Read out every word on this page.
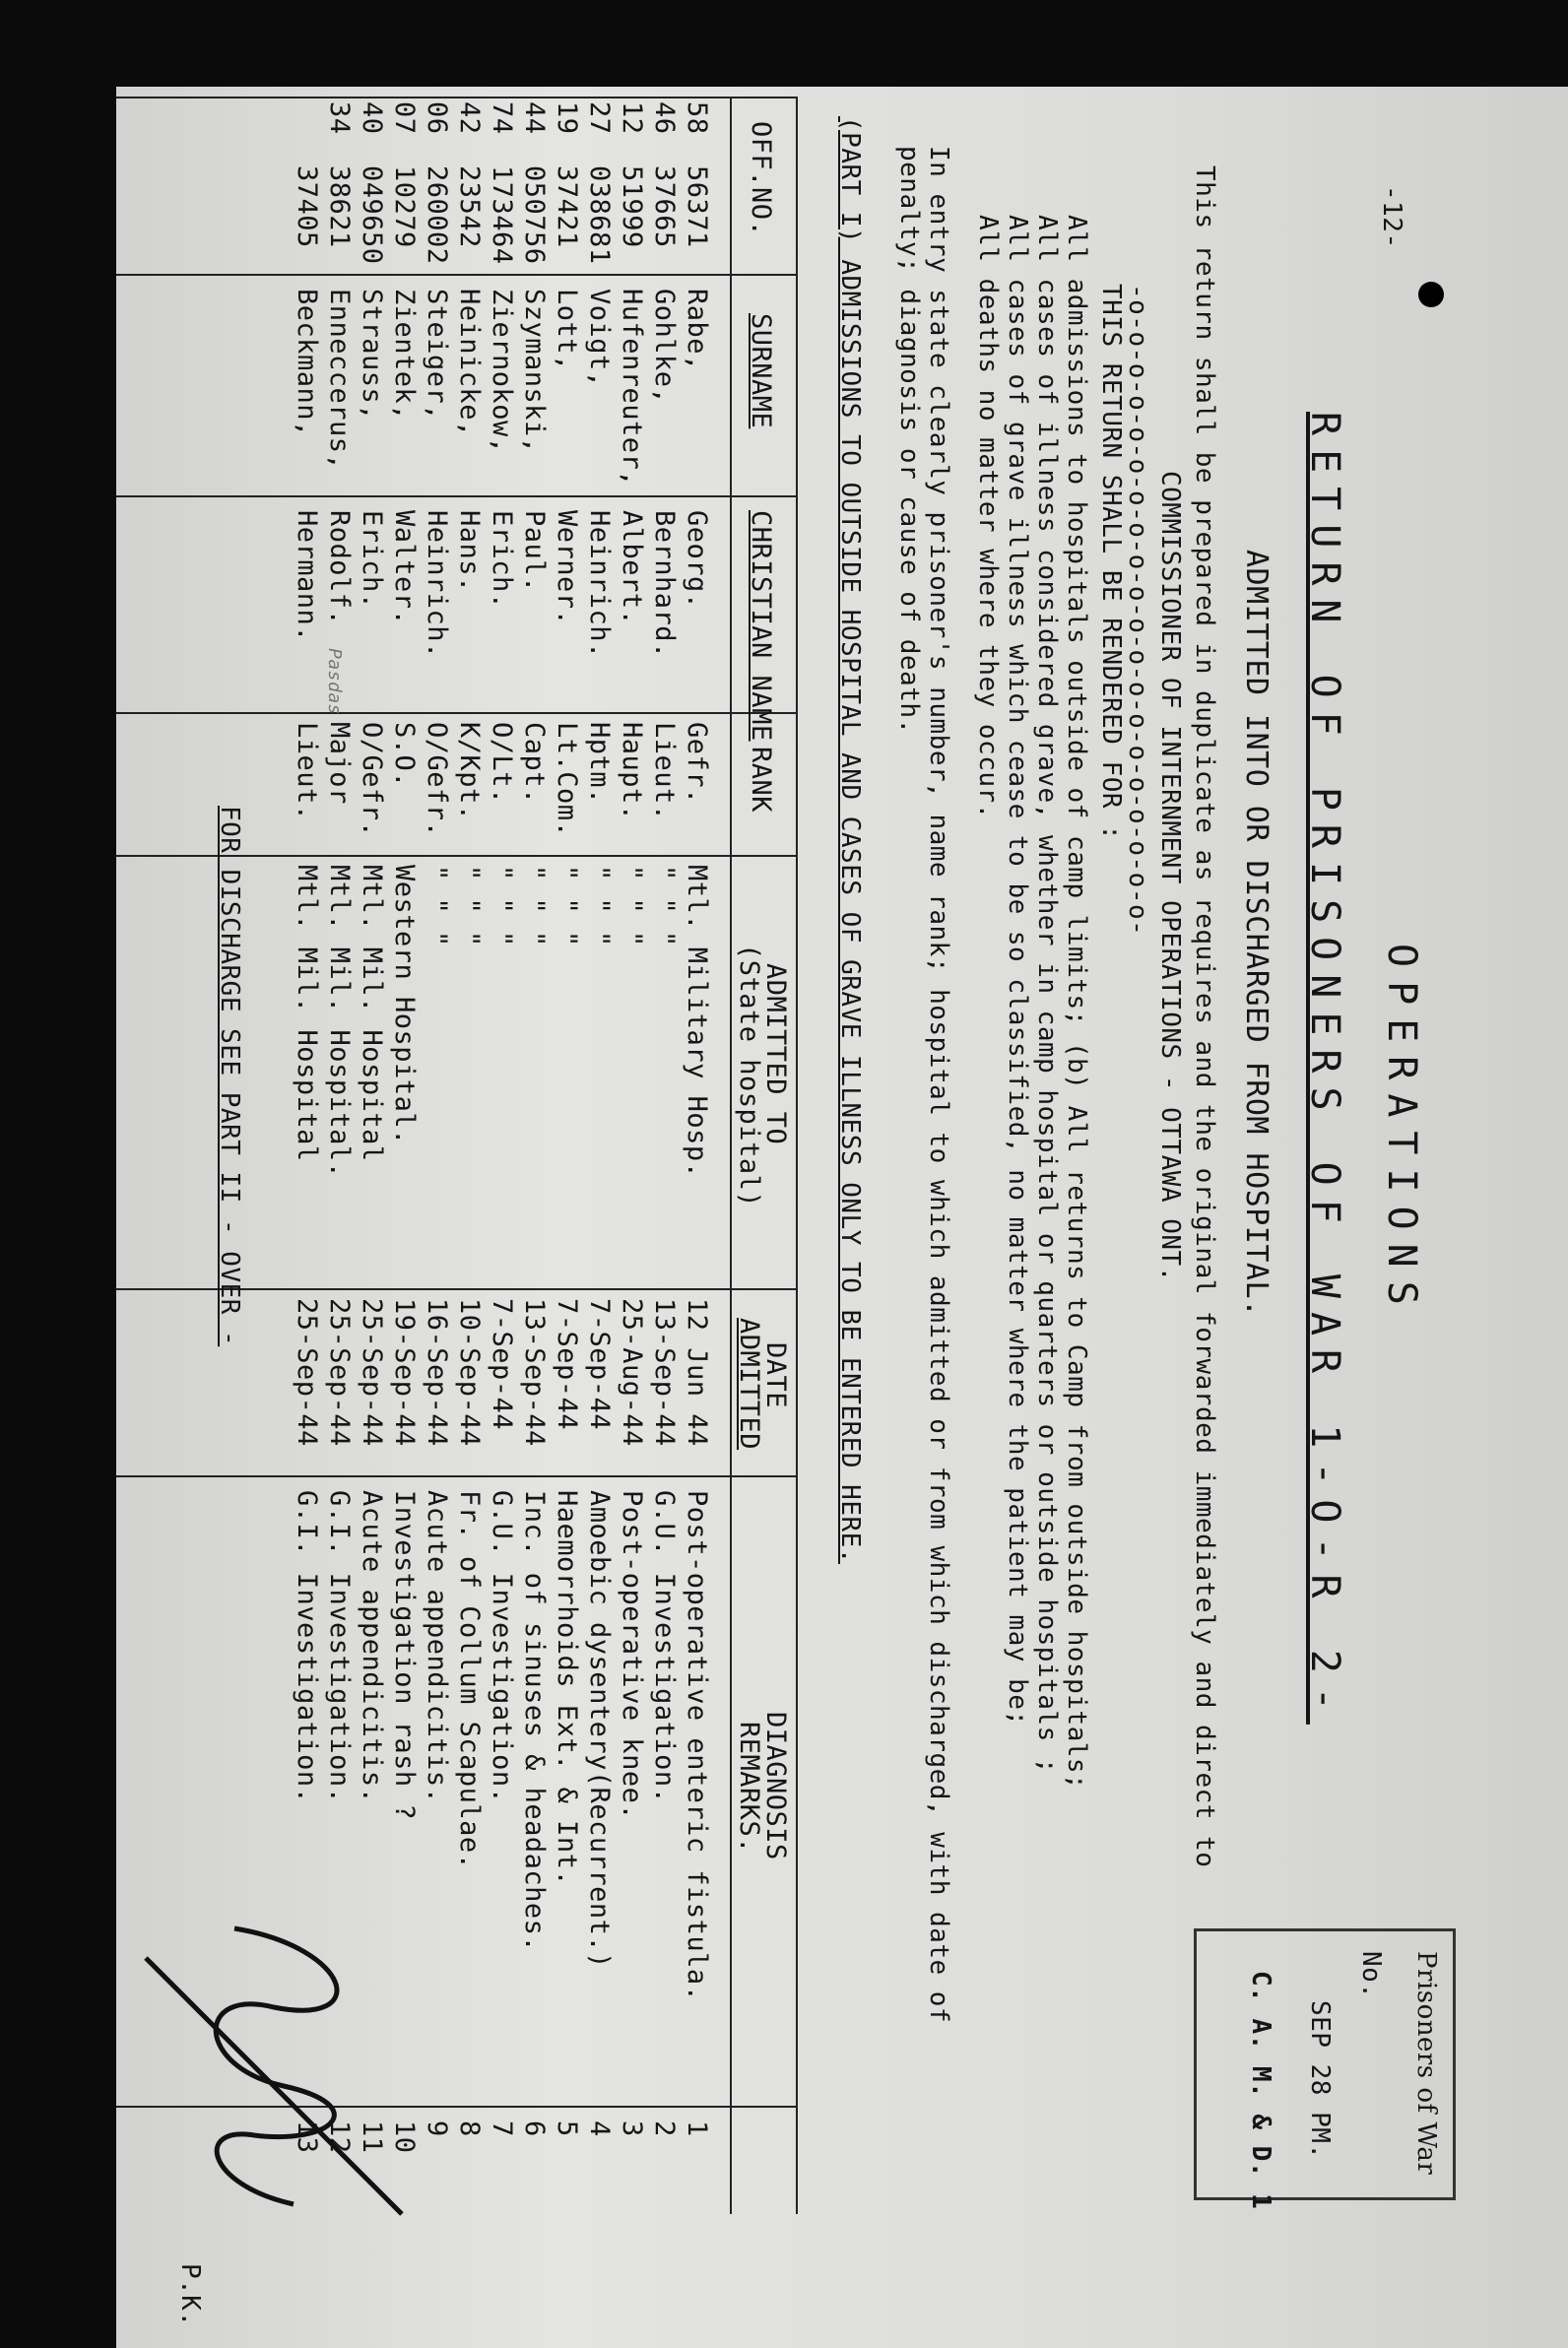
-12-
OPERATIONS
RETURN OF PRISONERS OF WAR 1-O-R 2-
ADMITTED INTO OR DISCHARGED FROM HOSPITAL.
This return shall be prepared in duplicate as requires and the original forwarded immediately and direct to
COMMISSIONER OF INTERNMENT OPERATIONS - OTTAWA ONT.
-o-o-o-o-o-o-o-o-o-o-o-o-o-o-o-o-o-o-o-o-
THIS RETURN SHALL BE RENDERED FOR :
All admissions to hospitals outside of camp limits; (b) All returns to Camp from outside hospitals;
All cases of illness considered grave, whether in camp hospital or quarters or outside hospitals ;
All cases of grave illness which cease to be so classified, no matter where the patient may be;
All deaths no matter where they occur.
In entry state clearly prisoner's number, name rank; hospital to which admitted or from which discharged, with date of
penalty; diagnosis or cause of death.
(PART I) ADMISSIONS TO OUTSIDE HOSPITAL AND CASES OF GRAVE ILLNESS ONLY TO BE ENTERED HERE.
Prisoners of War
No.
SEP 28 PM.
C. A. M. & D. 1
OFF.NO.
SURNAME
CHRISTIAN NAME
RANK
ADMITTED TO
(State hospital)
DATE
ADMITTED
DIAGNOSIS
REMARKS.
58
56371
Rabe,
Georg.
Gefr.
Mtl. Military Hosp.
12 Jun 44
Post-operative enteric fistula.
1
46
37665
Gohlke,
Bernhard.
Lieut.
" " "
13-Sep-44
G.U. Investigation.
2
12
51999
Hufenreuter,
Albert.
Haupt.
" " "
25-Aug-44
Post-operative knee.
3
27
038681
Voigt,
Heinrich.
Hptm.
" " "
7-Sep-44
Amoebic dysentery(Recurrent.)
4
19
37421
Lott,
Werner.
Lt.Com.
" " "
7-Sep-44
Haemorrhoids Ext. & Int.
5
44
050756
Szymanski,
Paul.
Capt.
" " "
13-Sep-44
Inc. of sinuses & headaches.
6
74
173464
Ziernokow,
Erich.
O/Lt.
" " "
7-Sep-44
G.U. Investigation.
7
42
23542
Heinicke,
Hans.
K/Kpt.
" " "
10-Sep-44
Fr. of Collum Scapulae.
8
06
260002
Steiger,
Heinrich.
O/Gefr.
" " "
16-Sep-44
Acute appendicitis.
9
07
10279
Zientek,
Walter.
S.O.
Western Hospital.
19-Sep-44
Investigation rash ?
10
40
049650
Strauss,
Erich.
O/Gefr.
Mtl. Mil. Hospital
25-Sep-44
Acute appendicitis.
11
34
38621
Enneccerus,
Rodolf.
Major
Mtl. Mil. Hospital.
25-Sep-44
G.I. Investigation.
12
37405
Beckmann,
Hermann.
Lieut.
Mtl. Mil. Hospital
25-Sep-44
G.I. Investigation.
13
FOR DISCHARGE SEE PART II - OVER -
P.K.
Pasdas
